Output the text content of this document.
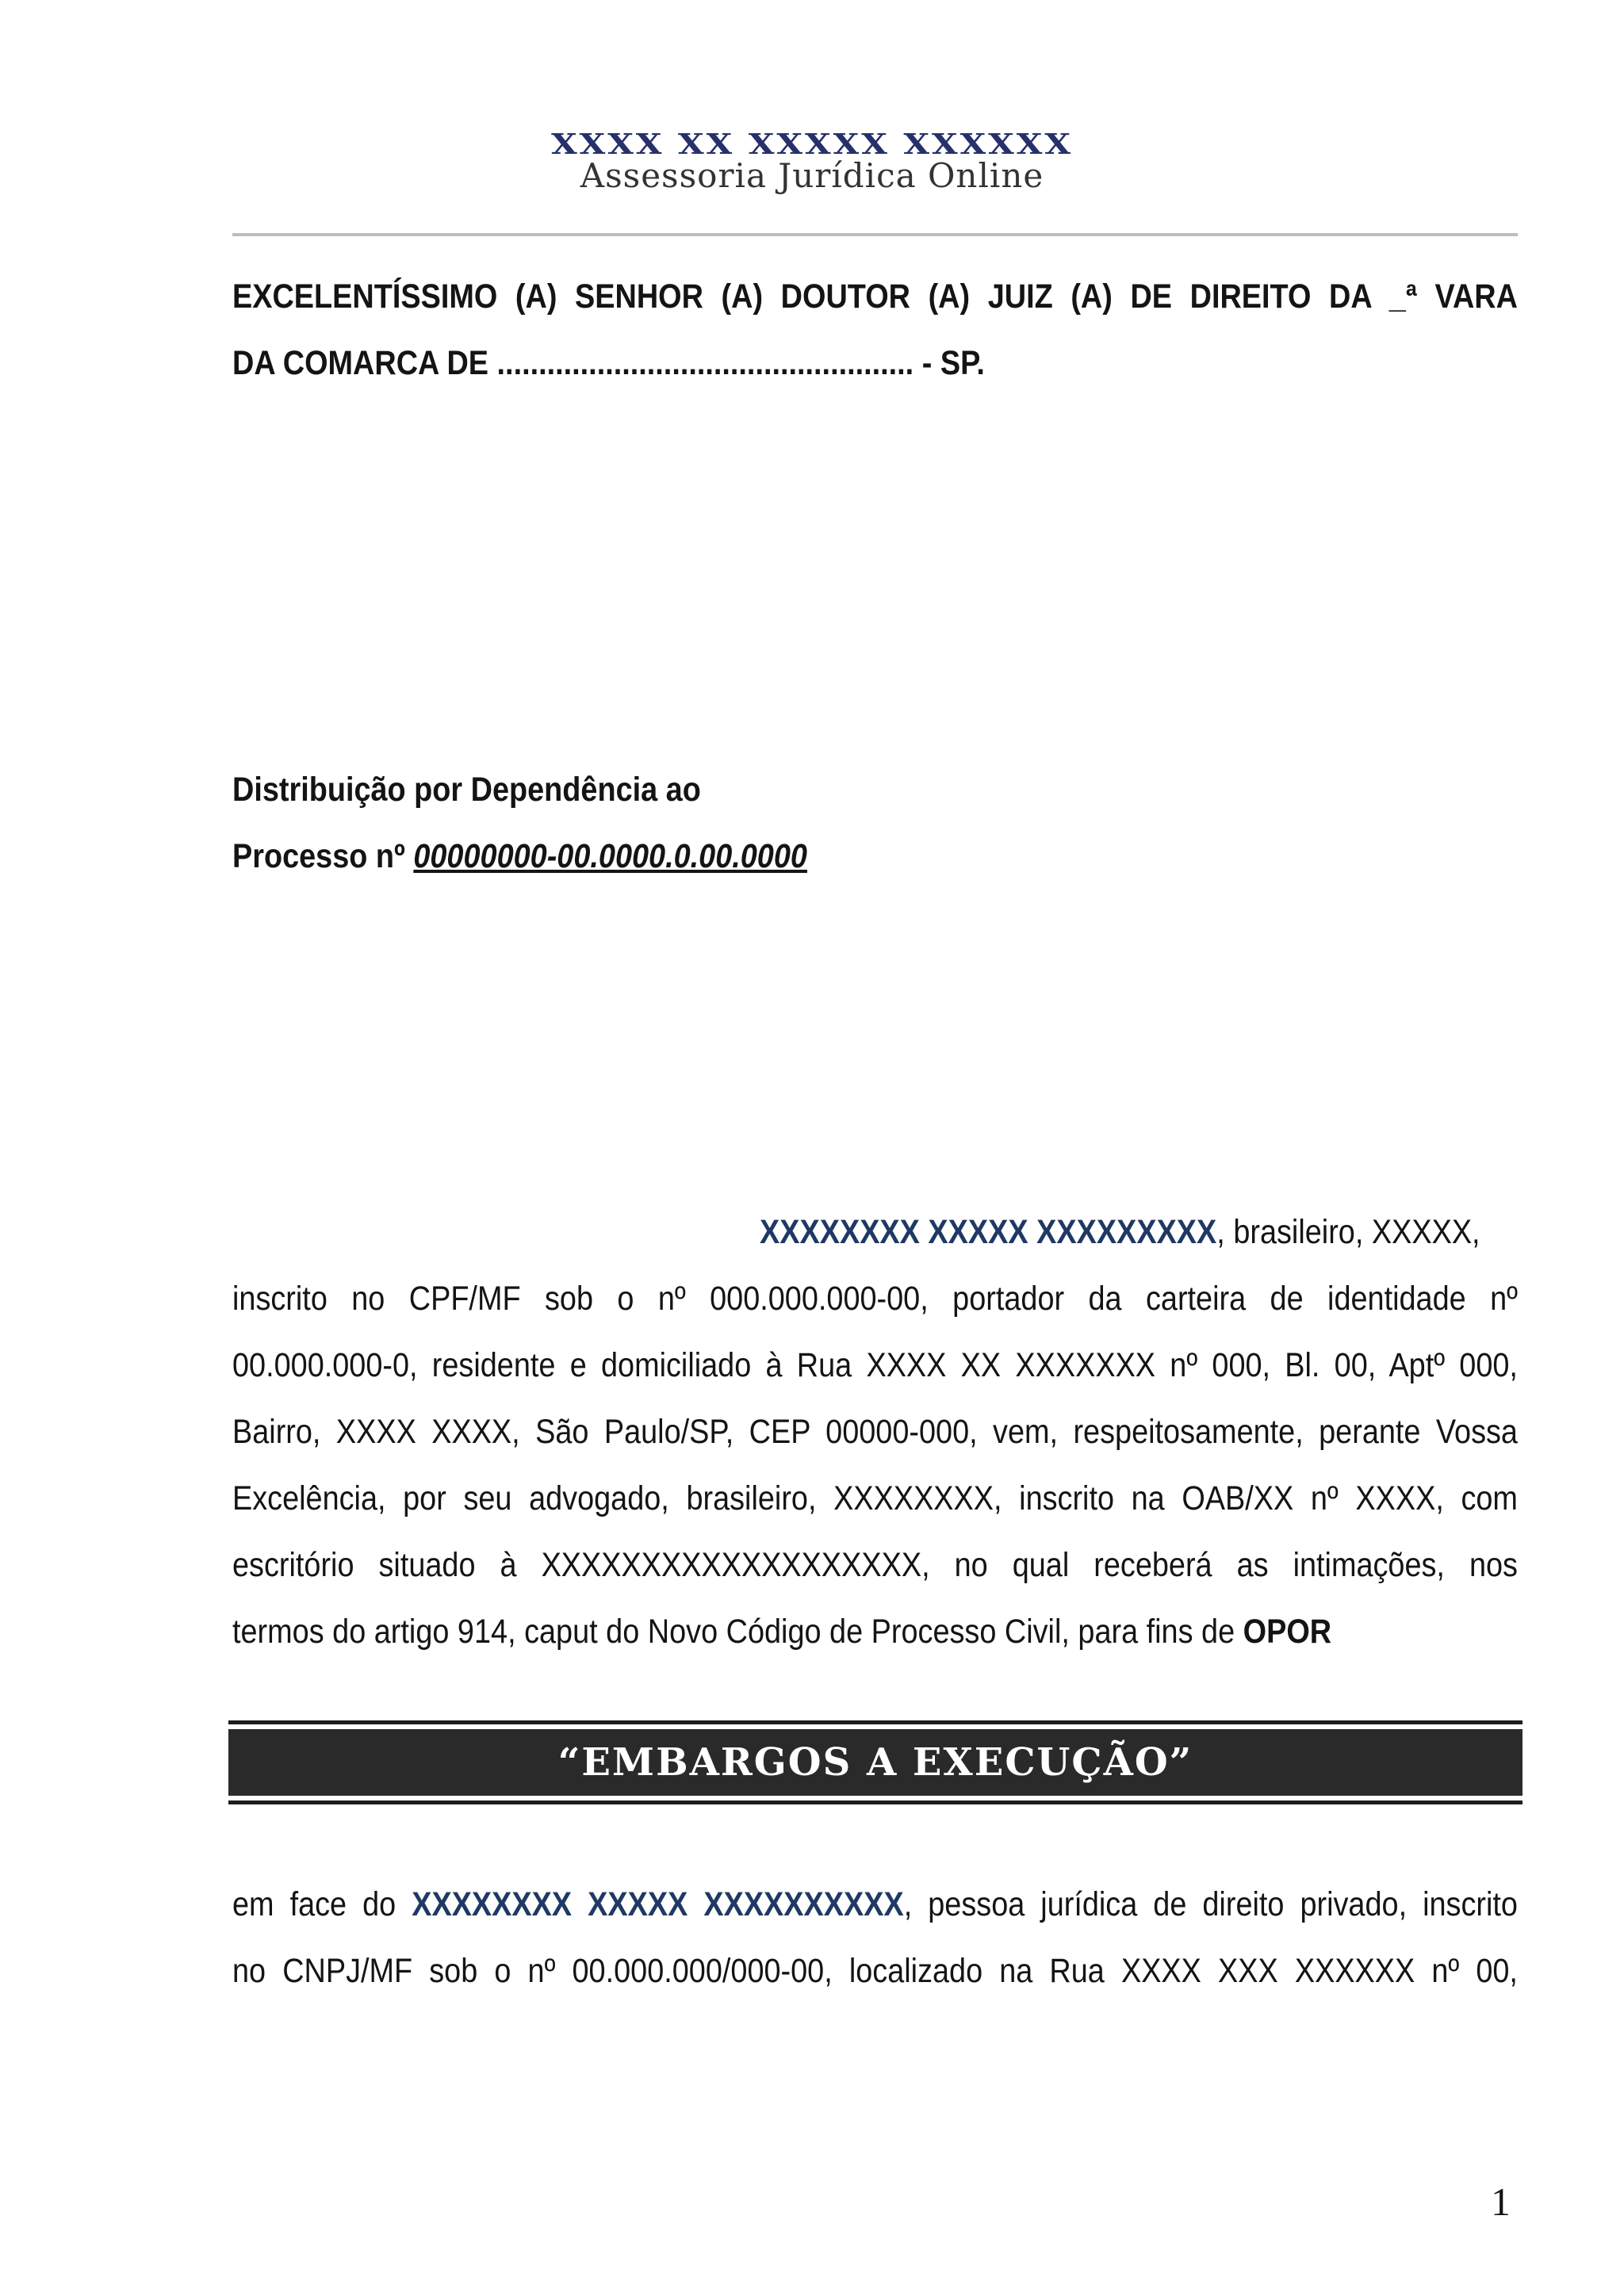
XXXX XX XXXXX XXXXXX
Assessoria Jurídica Online
EXCELENTÍSSIMO (A) SENHOR (A) DOUTOR (A) JUIZ (A) DE DIREITO DA _ª VARA
DA COMARCA DE .................................................. - SP.
Distribuição por Dependência ao
Processo nº 00000000-00.0000.0.00.0000
XXXXXXXX XXXXX XXXXXXXXX, brasileiro, XXXXX,
inscrito no CPF/MF sob o nº 000.000.000-00, portador da carteira de identidade nº
00.000.000-0, residente e domiciliado à Rua XXXX XX XXXXXXX nº 000, Bl. 00, Aptº 000,
Bairro, XXXX XXXX, São Paulo/SP, CEP 00000-000, vem, respeitosamente, perante Vossa
Excelência, por seu advogado, brasileiro, XXXXXXXX, inscrito na OAB/XX nº XXXX, com
escritório situado à XXXXXXXXXXXXXXXXXXX, no qual receberá as intimações, nos
termos do artigo 914, caput do Novo Código de Processo Civil, para fins de OPOR
“EMBARGOS A EXECUÇÃO”
em face do XXXXXXXX XXXXX XXXXXXXXXX, pessoa jurídica de direito privado, inscrito
no CNPJ/MF sob o nº 00.000.000/000-00, localizado na Rua XXXX XXX XXXXXX nº 00,
1
